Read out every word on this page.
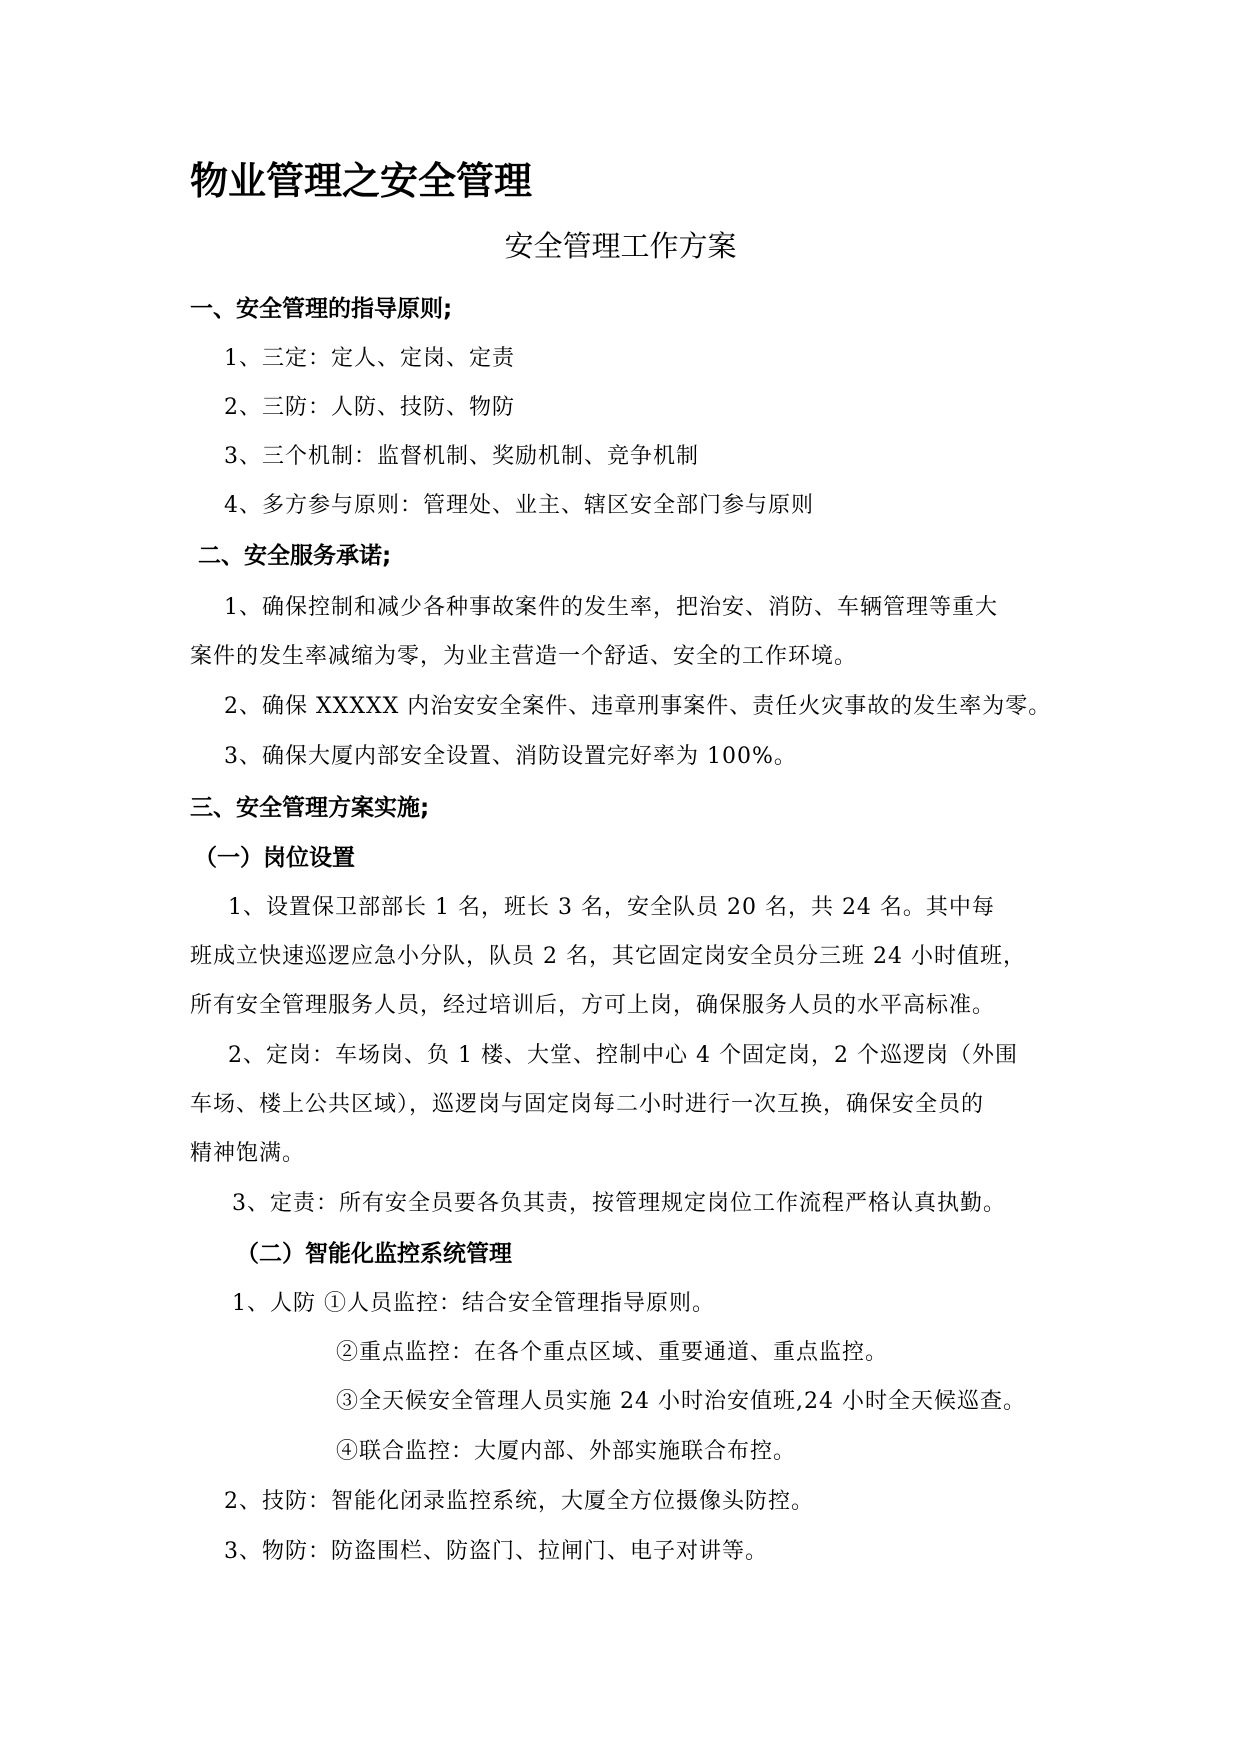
物业管理之安全管理
安全管理工作方案
一、安全管理的指导原则;
1、三定：定人、定岗、定责
2、三防：人防、技防、物防
3、三个机制：监督机制、奖励机制、竞争机制
4、多方参与原则：管理处、业主、辖区安全部门参与原则
二、安全服务承诺;
1、确保控制和减少各种事故案件的发生率，把治安、消防、车辆管理等重大
案件的发生率减缩为零，为业主营造一个舒适、安全的工作环境。
2、确保 XXXXX 内治安安全案件、违章刑事案件、责任火灾事故的发生率为零。
3、确保大厦内部安全设置、消防设置完好率为 100%。
三、安全管理方案实施;
（一）岗位设置
1、设置保卫部部长 1 名，班长 3 名，安全队员 20 名，共 24 名。其中每
班成立快速巡逻应急小分队，队员 2 名，其它固定岗安全员分三班 24 小时值班，
所有安全管理服务人员，经过培训后，方可上岗，确保服务人员的水平高标准。
2、定岗：车场岗、负 1 楼、大堂、控制中心 4 个固定岗，2 个巡逻岗（外围
车场、楼上公共区域），巡逻岗与固定岗每二小时进行一次互换，确保安全员的
精神饱满。
3、定责：所有安全员要各负其责，按管理规定岗位工作流程严格认真执勤。
（二）智能化监控系统管理
1、人防 ①人员监控：结合安全管理指导原则。
②重点监控：在各个重点区域、重要通道、重点监控。
③全天候安全管理人员实施 24 小时治安值班,24 小时全天候巡查。
④联合监控：大厦内部、外部实施联合布控。
2、技防：智能化闭录监控系统，大厦全方位摄像头防控。
3、物防：防盗围栏、防盗门、拉闸门、电子对讲等。
